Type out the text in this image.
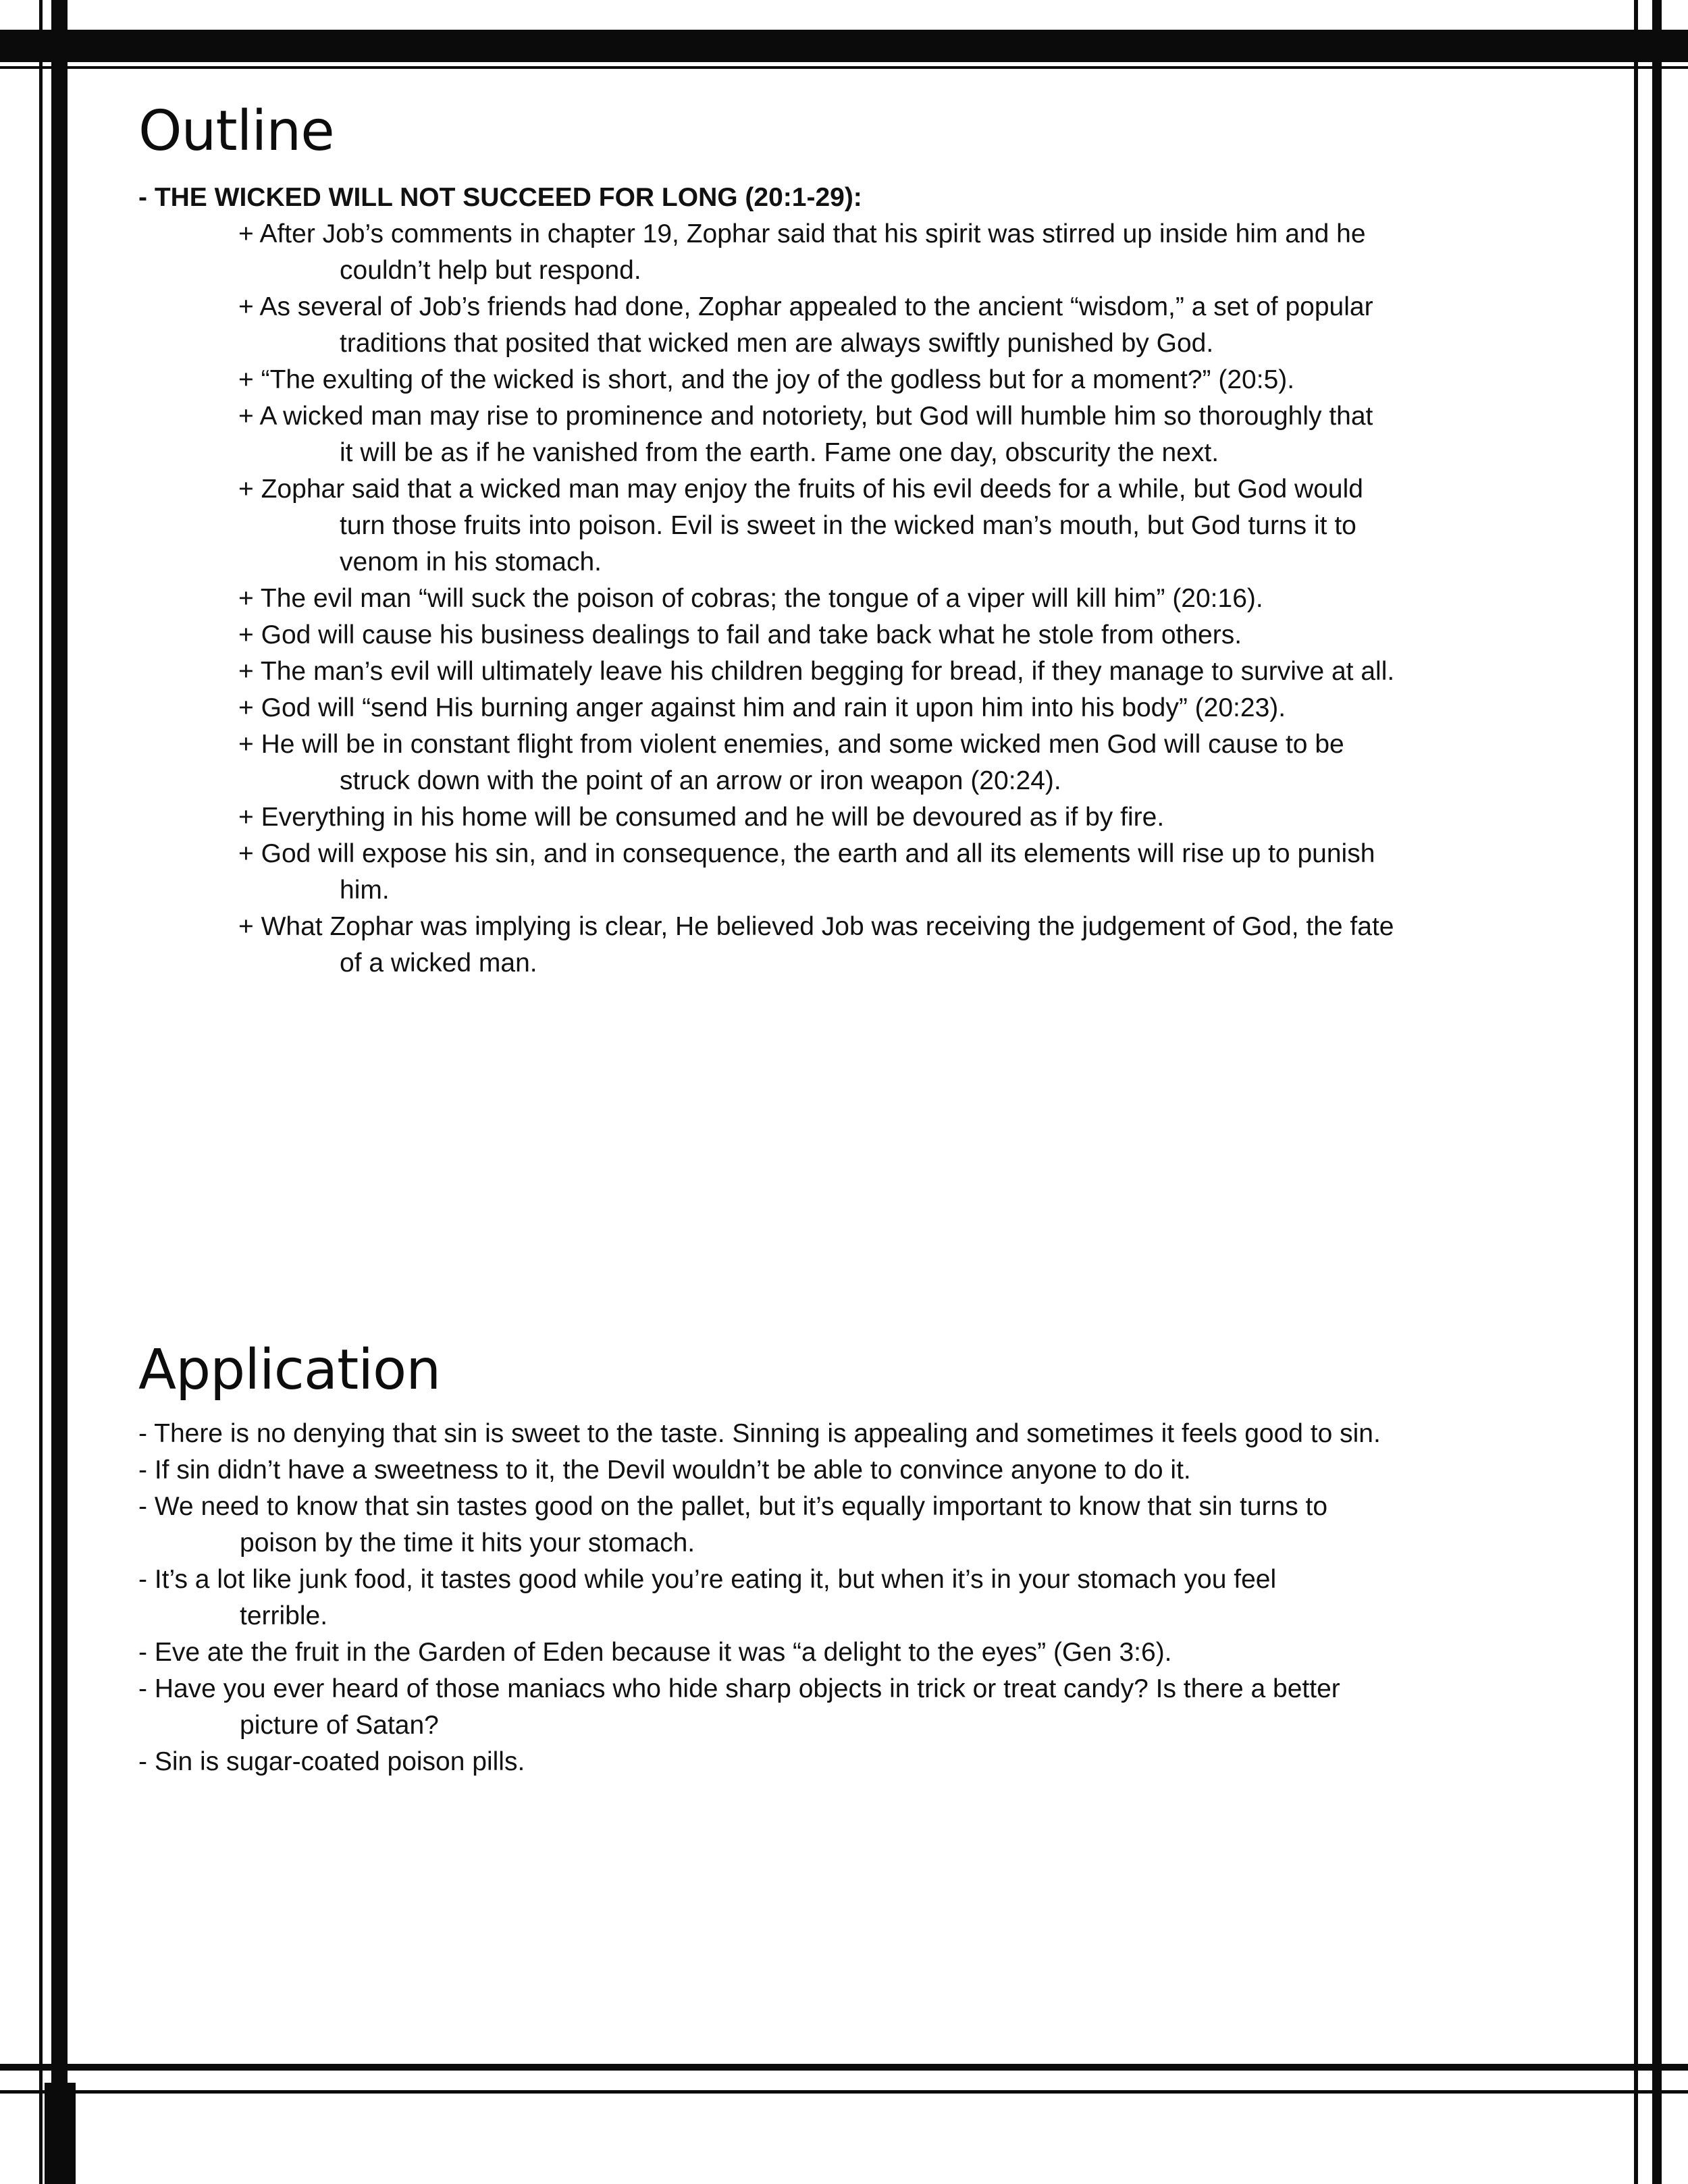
Outline
- THE WICKED WILL NOT SUCCEED FOR LONG (20:1-29):
+ After Job’s comments in chapter 19, Zophar said that his spirit was stirred up inside him and he
couldn’t help but respond.
+ As several of Job’s friends had done, Zophar appealed to the ancient “wisdom,” a set of popular
traditions that posited that wicked men are always swiftly punished by God.
+ “The exulting of the wicked is short, and the joy of the godless but for a moment?” (20:5).
+ A wicked man may rise to prominence and notoriety, but God will humble him so thoroughly that
it will be as if he vanished from the earth. Fame one day, obscurity the next.
+ Zophar said that a wicked man may enjoy the fruits of his evil deeds for a while, but God would
turn those fruits into poison. Evil is sweet in the wicked man’s mouth, but God turns it to
venom in his stomach.
+ The evil man “will suck the poison of cobras; the tongue of a viper will kill him” (20:16).
+ God will cause his business dealings to fail and take back what he stole from others.
+ The man’s evil will ultimately leave his children begging for bread, if they manage to survive at all.
+ God will “send His burning anger against him and rain it upon him into his body” (20:23).
+ He will be in constant flight from violent enemies, and some wicked men God will cause to be
struck down with the point of an arrow or iron weapon (20:24).
+ Everything in his home will be consumed and he will be devoured as if by fire.
+ God will expose his sin, and in consequence, the earth and all its elements will rise up to punish
him.
+ What Zophar was implying is clear, He believed Job was receiving the judgement of God, the fate
of a wicked man.
Application
- There is no denying that sin is sweet to the taste. Sinning is appealing and sometimes it feels good to sin.
- If sin didn’t have a sweetness to it, the Devil wouldn’t be able to convince anyone to do it.
- We need to know that sin tastes good on the pallet, but it’s equally important to know that sin turns to
poison by the time it hits your stomach.
- It’s a lot like junk food, it tastes good while you’re eating it, but when it’s in your stomach you feel
terrible.
- Eve ate the fruit in the Garden of Eden because it was “a delight to the eyes” (Gen 3:6).
- Have you ever heard of those maniacs who hide sharp objects in trick or treat candy? Is there a better
picture of Satan?
- Sin is sugar-coated poison pills.
